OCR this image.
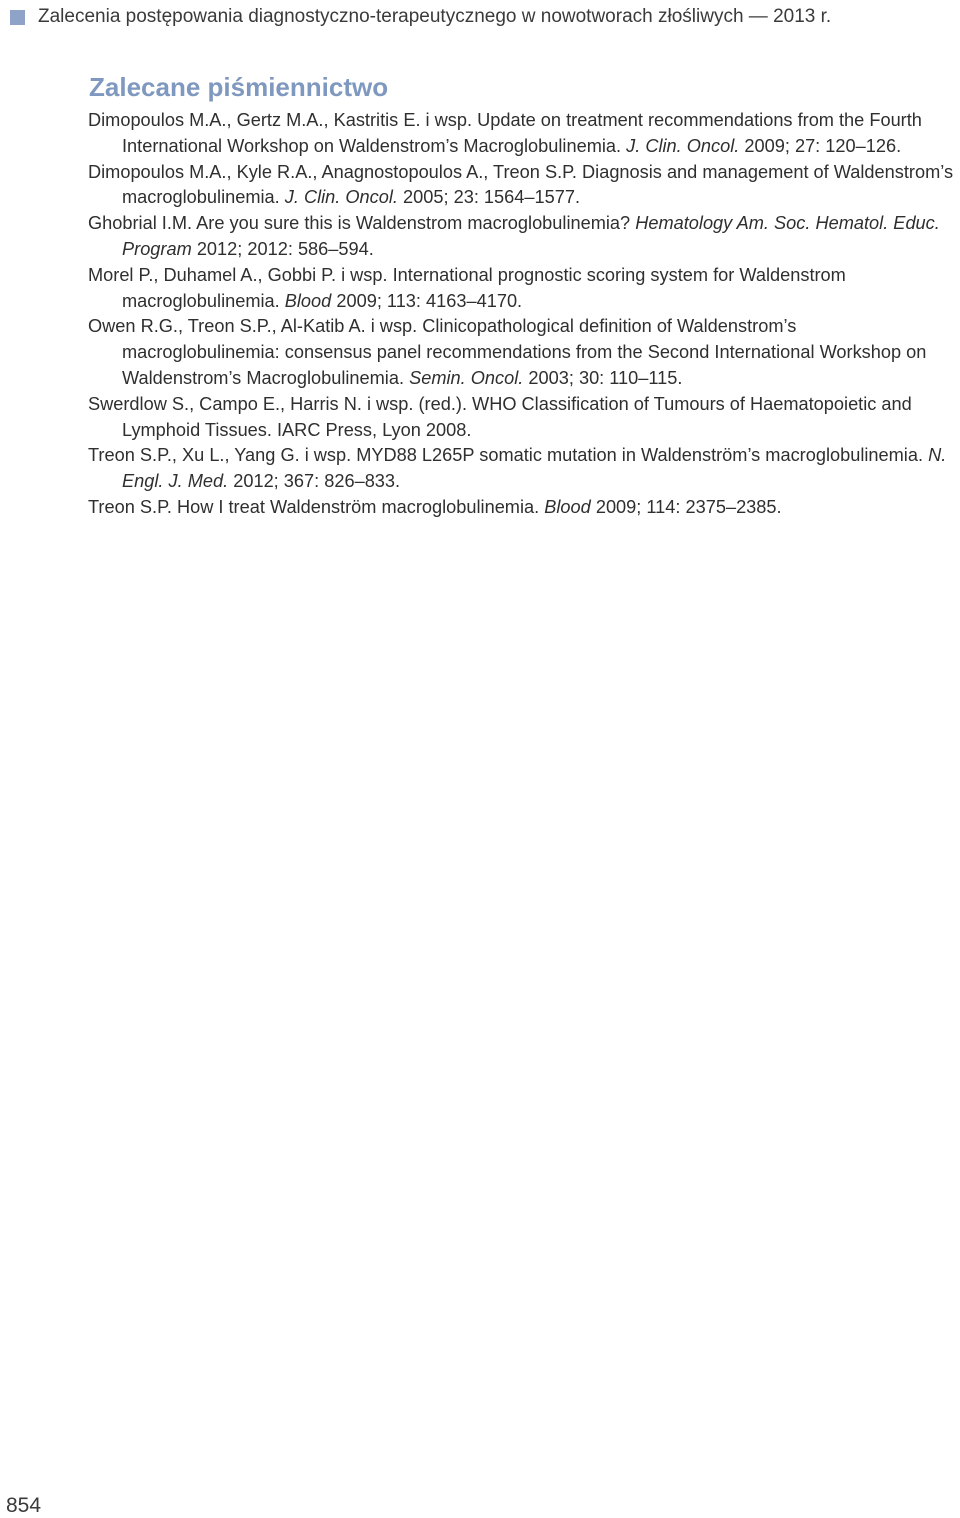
Zalecenia postępowania diagnostyczno-terapeutycznego w nowotworach złośliwych — 2013 r.
Zalecane piśmiennictwo
Dimopoulos M.A., Gertz M.A., Kastritis E. i wsp. Update on treatment recommendations from the Fourth International Workshop on Waldenstrom’s Macroglobulinemia. J. Clin. Oncol. 2009; 27: 120–126.
Dimopoulos M.A., Kyle R.A., Anagnostopoulos A., Treon S.P. Diagnosis and management of Waldenstrom’s macroglobulinemia. J. Clin. Oncol. 2005; 23: 1564–1577.
Ghobrial I.M. Are you sure this is Waldenstrom macroglobulinemia? Hematology Am. Soc. Hematol. Educ. Program 2012; 2012: 586–594.
Morel P., Duhamel A., Gobbi P. i wsp. International prognostic scoring system for Waldenstrom macroglobulinemia. Blood 2009; 113: 4163–4170.
Owen R.G., Treon S.P., Al-Katib A. i wsp. Clinicopathological definition of Waldenstrom’s macroglobulinemia: consensus panel recommendations from the Second International Workshop on Waldenstrom’s Macroglobulinemia. Semin. Oncol. 2003; 30: 110–115.
Swerdlow S., Campo E., Harris N. i wsp. (red.). WHO Classification of Tumours of Haematopoietic and Lymphoid Tissues. IARC Press, Lyon 2008.
Treon S.P., Xu L., Yang G. i wsp. MYD88 L265P somatic mutation in Waldenström’s macroglobulinemia. N. Engl. J. Med. 2012; 367: 826–833.
Treon S.P. How I treat Waldenström macroglobulinemia. Blood 2009; 114: 2375–2385.
854
